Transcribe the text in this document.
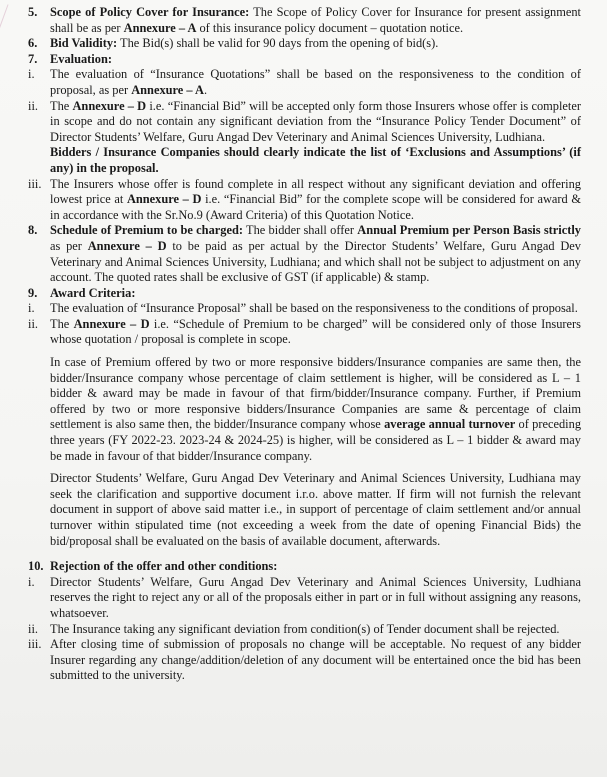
5.	Scope of Policy Cover for Insurance: The Scope of Policy Cover for Insurance for present assignment shall be as per Annexure – A of this insurance policy document – quotation notice.
6.	Bid Validity: The Bid(s) shall be valid for 90 days from the opening of bid(s).
7.	Evaluation:
i.	The evaluation of “Insurance Quotations” shall be based on the responsiveness to the condition of proposal, as per Annexure – A.
ii. The Annexure – D i.e. “Financial Bid” will be accepted only form those Insurers whose offer is completer in scope and do not contain any significant deviation from the “Insurance Policy Tender Document” of Director Students’ Welfare, Guru Angad Dev Veterinary and Animal Sciences University, Ludhiana.
Bidders / Insurance Companies should clearly indicate the list of ‘Exclusions and Assumptions’ (if any) in the proposal.
iii. The Insurers whose offer is found complete in all respect without any significant deviation and offering lowest price at Annexure – D i.e. “Financial Bid” for the complete scope will be considered for award & in accordance with the Sr.No.9 (Award Criteria) of this Quotation Notice.
8.	Schedule of Premium to be charged: The bidder shall offer Annual Premium per Person Basis strictly as per Annexure – D to be paid as per actual by the Director Students’ Welfare, Guru Angad Dev Veterinary and Animal Sciences University, Ludhiana; and which shall not be subject to adjustment on any account. The quoted rates shall be exclusive of GST (if applicable) & stamp.
9.	Award Criteria:
i.	The evaluation of “Insurance Proposal” shall be based on the responsiveness to the conditions of proposal.
ii. The Annexure – D i.e. “Schedule of Premium to be charged” will be considered only of those Insurers whose quotation / proposal is complete in scope.
In case of Premium offered by two or more responsive bidders/Insurance companies are same then, the bidder/Insurance company whose percentage of claim settlement is higher, will be considered as L – 1 bidder & award may be made in favour of that firm/bidder/Insurance company. Further, if Premium offered by two or more responsive bidders/Insurance Companies are same & percentage of claim settlement is also same then, the bidder/Insurance company whose average annual turnover of preceding three years (FY 2022-23. 2023-24 & 2024-25) is higher, will be considered as L – 1 bidder & award may be made in favour of that bidder/Insurance company.
Director Students’ Welfare, Guru Angad Dev Veterinary and Animal Sciences University, Ludhiana may seek the clarification and supportive document i.r.o. above matter. If firm will not furnish the relevant document in support of above said matter i.e., in support of percentage of claim settlement and/or annual turnover within stipulated time (not exceeding a week from the date of opening Financial Bids) the bid/proposal shall be evaluated on the basis of available document, afterwards.
10. Rejection of the offer and other conditions:
i.	Director Students’ Welfare, Guru Angad Dev Veterinary and Animal Sciences University, Ludhiana reserves the right to reject any or all of the proposals either in part or in full without assigning any reasons, whatsoever.
ii. The Insurance taking any significant deviation from condition(s) of Tender document shall be rejected.
iii. After closing time of submission of proposals no change will be acceptable. No request of any bidder Insurer regarding any change/addition/deletion of any document will be entertained once the bid has been submitted to the university.
